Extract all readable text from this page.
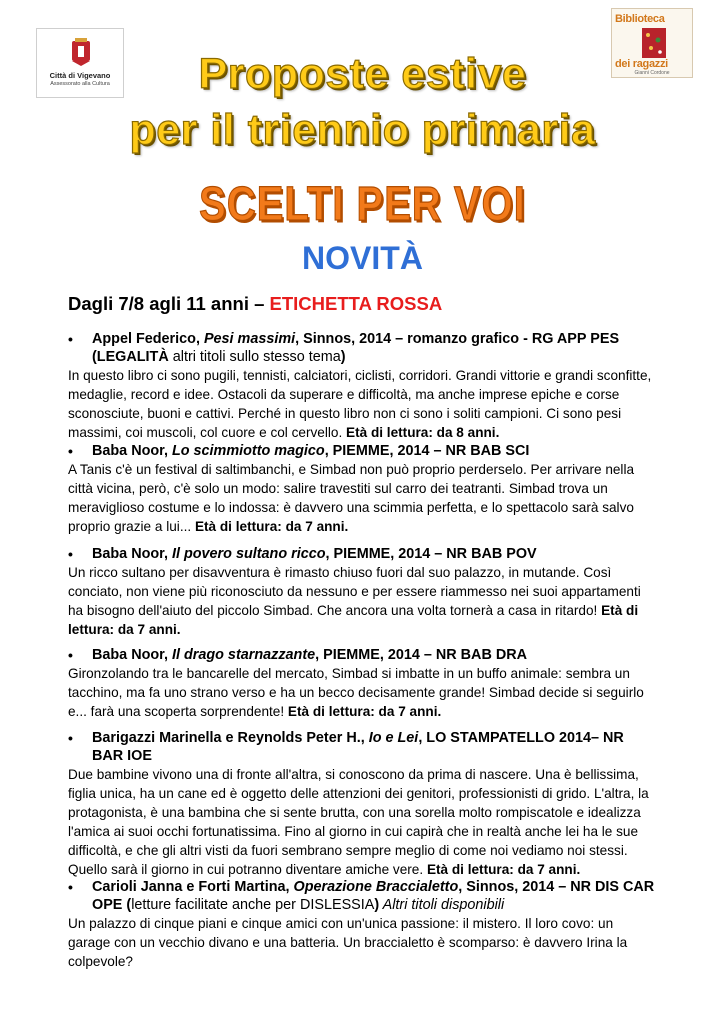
Città di Vigevano
Assessorato alla Cultura
Biblioteca
dei ragazzi
Gianni Cordone
Proposte estive
per il triennio primaria
SCELTI PER VOI
NOVITÀ
Dagli 7/8 agli 11 anni – ETICHETTA ROSSA
• Appel Federico, Pesi massimi, Sinnos, 2014 – romanzo grafico - RG APP PES (LEGALITÀ altri titoli sullo stesso tema)
In questo libro ci sono pugili, tennisti, calciatori, ciclisti, corridori. Grandi vittorie e grandi sconfitte, medaglie, record e idee. Ostacoli da superare e difficoltà, ma anche imprese epiche e corse sconosciute, buoni e cattivi. Perché in questo libro non ci sono i soliti campioni. Ci sono pesi massimi, coi muscoli, col cuore e col cervello. Età di lettura: da 8 anni.
• Baba Noor, Lo scimmiotto magico, PIEMME, 2014 – NR BAB SCI
A Tanis c'è un festival di saltimbanchi, e Simbad non può proprio perderselo. Per arrivare nella città vicina, però, c'è solo un modo: salire travestiti sul carro dei teatranti. Simbad trova un meraviglioso costume e lo indossa: è davvero una scimmia perfetta, e lo spettacolo sarà salvo proprio grazie a lui... Età di lettura: da 7 anni.
• Baba Noor, Il povero sultano ricco, PIEMME, 2014 – NR BAB POV
Un ricco sultano per disavventura è rimasto chiuso fuori dal suo palazzo, in mutande. Così conciato, non viene più riconosciuto da nessuno e per essere riammesso nei suoi appartamenti ha bisogno dell'aiuto del piccolo Simbad. Che ancora una volta tornerà a casa in ritardo! Età di lettura: da 7 anni.
• Baba Noor, Il drago starnazzante, PIEMME, 2014 – NR BAB DRA
Gironzolando tra le bancarelle del mercato, Simbad si imbatte in un buffo animale: sembra un tacchino, ma fa uno strano verso e ha un becco decisamente grande! Simbad decide si seguirlo e... farà una scoperta sorprendente! Età di lettura: da 7 anni.
• Barigazzi Marinella e Reynolds Peter H., Io e Lei, LO STAMPATELLO 2014– NR BAR IOE
Due bambine vivono una di fronte all'altra, si conoscono da prima di nascere. Una è bellissima, figlia unica, ha un cane ed è oggetto delle attenzioni dei genitori, professionisti di grido. L'altra, la protagonista, è una bambina che si sente brutta, con una sorella molto rompiscatole e idealizza l'amica ai suoi occhi fortunatissima. Fino al giorno in cui capirà che in realtà anche lei ha le sue difficoltà, e che gli altri visti da fuori sembrano sempre meglio di come noi vediamo noi stessi. Quello sarà il giorno in cui potranno diventare amiche vere. Età di lettura: da 7 anni.
• Carioli Janna e Forti Martina, Operazione Braccialetto, Sinnos, 2014 – NR DIS CAR OPE (letture facilitate anche per DISLESSIA) Altri titoli disponibili
Un palazzo di cinque piani e cinque amici con un'unica passione: il mistero. Il loro covo: un garage con un vecchio divano e una batteria. Un braccialetto è scomparso: è davvero Irina la colpevole?
